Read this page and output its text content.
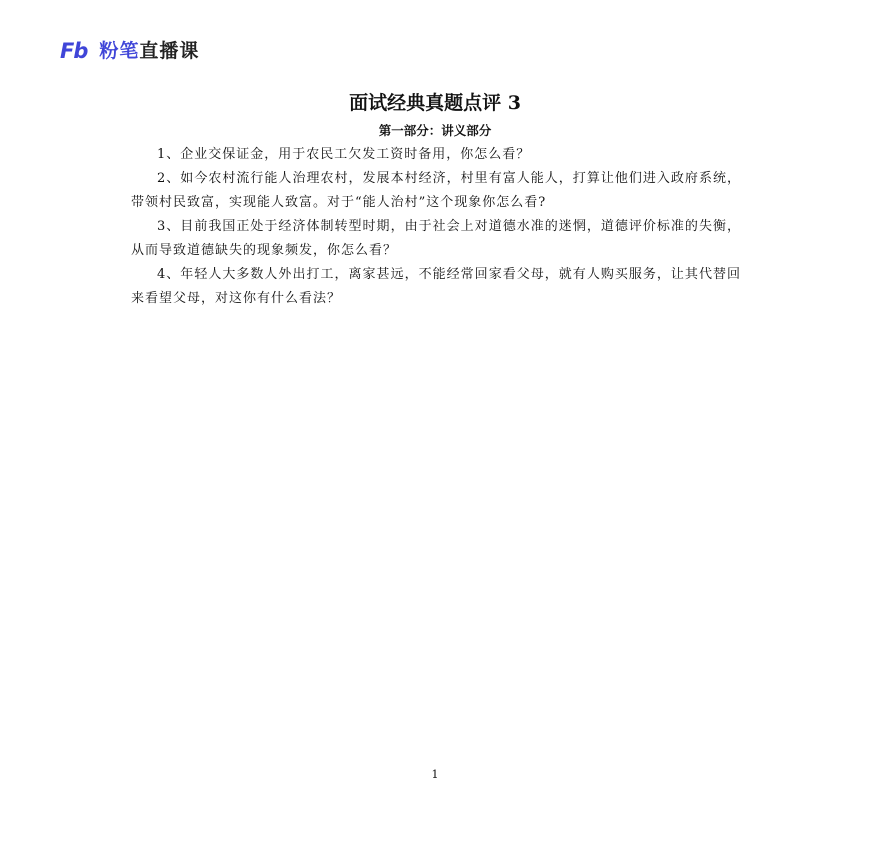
Fb 粉笔直播课
面试经典真题点评 3
第一部分：讲义部分

1、企业交保证金，用于农民工欠发工资时备用，你怎么看？

2、如今农村流行能人治理农村，发展本村经济，村里有富人能人，打算让他们进入政府系统，带领村民致富，实现能人致富。对于“能人治村”这个现象你怎么看?

3、目前我国正处于经济体制转型时期，由于社会上对道德水准的迷惘，道德评价标准的失衡，从而导致道德缺失的现象频发，你怎么看？

4、年轻人大多数人外出打工，离家甚远，不能经常回家看父母，就有人购买服务，让其代替回来看望父母，对这你有什么看法？

1
